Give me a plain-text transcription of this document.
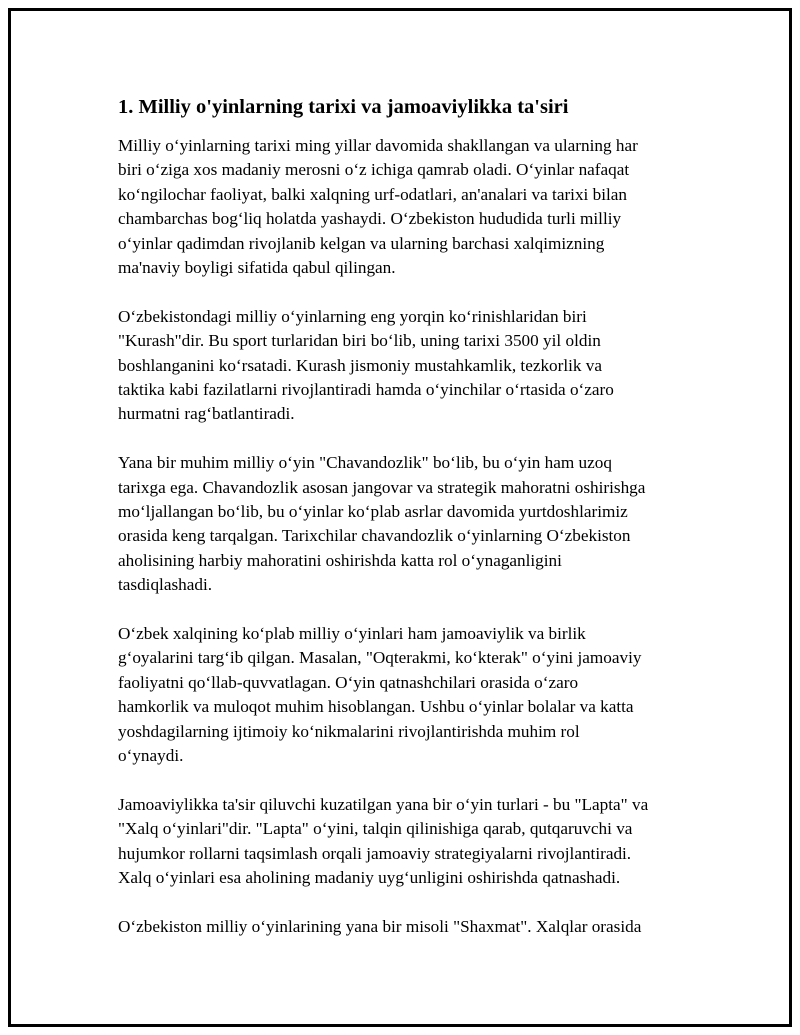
1. Milliy o'yinlarning tarixi va jamoaviylikka ta'siri
Milliy oʻyinlarning tarixi ming yillar davomida shakllangan va ularning har
biri oʻziga xos madaniy merosni oʻz ichiga qamrab oladi. Oʻyinlar nafaqat
koʻngilochar faoliyat, balki xalqning urf-odatlari, an'analari va tarixi bilan
chambarchas bogʻliq holatda yashaydi. Oʻzbekiston hududida turli milliy
oʻyinlar qadimdan rivojlanib kelgan va ularning barchasi xalqimizning
ma'naviy boyligi sifatida qabul qilingan.
Oʻzbekistondagi milliy oʻyinlarning eng yorqin koʻrinishlaridan biri
"Kurash"dir. Bu sport turlaridan biri boʻlib, uning tarixi 3500 yil oldin
boshlanganini koʻrsatadi. Kurash jismoniy mustahkamlik, tezkorlik va
taktika kabi fazilatlarni rivojlantiradi hamda oʻyinchilar oʻrtasida oʻzaro
hurmatni ragʻbatlantiradi.
Yana bir muhim milliy oʻyin "Chavandozlik" boʻlib, bu oʻyin ham uzoq
tarixga ega. Chavandozlik asosan jangovar va strategik mahoratni oshirishga
moʻljallangan boʻlib, bu oʻyinlar koʻplab asrlar davomida yurtdoshlarimiz
orasida keng tarqalgan. Tarixchilar chavandozlik oʻyinlarning Oʻzbekiston
aholisining harbiy mahoratini oshirishda katta rol oʻynaganligini
tasdiqlashadi.
Oʻzbek xalqining koʻplab milliy oʻyinlari ham jamoaviylik va birlik
gʻoyalarini targʻib qilgan. Masalan, "Oqterakmi, koʻkterak" oʻyini jamoaviy
faoliyatni qoʻllab-quvvatlagan. Oʻyin qatnashchilari orasida oʻzaro
hamkorlik va muloqot muhim hisoblangan. Ushbu oʻyinlar bolalar va katta
yoshdagilarning ijtimoiy koʻnikmalarini rivojlantirishda muhim rol
oʻynaydi.
Jamoaviylikka ta'sir qiluvchi kuzatilgan yana bir oʻyin turlari - bu "Lapta" va
"Xalq oʻyinlari"dir. "Lapta" oʻyini, talqin qilinishiga qarab, qutqaruvchi va
hujumkor rollarni taqsimlash orqali jamoaviy strategiyalarni rivojlantiradi.
Xalq oʻyinlari esa aholining madaniy uygʻunligini oshirishda qatnashadi.
Oʻzbekiston milliy oʻyinlarining yana bir misoli "Shaxmat". Xalqlar orasida
